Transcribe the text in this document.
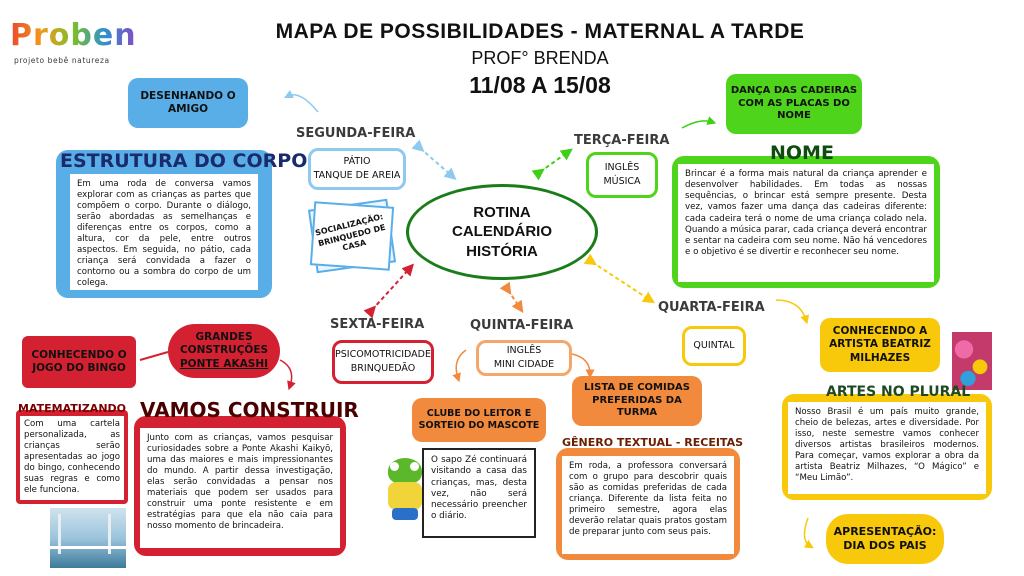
Proben
projeto bebê natureza
MAPA DE POSSIBILIDADES - MATERNAL A TARDE
PROF° BRENDA
11/08 A 15/08
ROTINA
CALENDÁRIO
HISTÓRIA
SEGUNDA-FEIRA
PÁTIO
TANQUE DE AREIA
SOCIALIZAÇÃO: BRINQUEDO DE CASA
DESENHANDO O AMIGO
ESTRUTURA DO CORPO
Em uma roda de conversa vamos explorar com as crianças as partes que compõem o corpo. Durante o diálogo, serão abordadas as semelhanças e diferenças entre os corpos, como a altura, cor da pele, entre outros aspectos. Em seguida, no pátio, cada criança será convidada a fazer o contorno ou a sombra do corpo de um colega.
TERÇA-FEIRA
INGLÊS
MÚSICA
DANÇA DAS CADEIRAS COM AS PLACAS DO NOME
NOME
Brincar é a forma mais natural da criança aprender e desenvolver habilidades. Em todas as nossas sequências, o brincar está sempre presente. Desta vez, vamos fazer uma dança das cadeiras diferente: cada cadeira terá o nome de uma criança colado nela. Quando a música parar, cada criança deverá encontrar e sentar na cadeira com seu nome. Não há vencedores e o objetivo é se divertir e reconhecer seu nome.
QUARTA-FEIRA
QUINTAL
CONHECENDO A ARTISTA BEATRIZ MILHAZES
ARTES NO PLURAL
Nosso Brasil é um país muito grande, cheio de belezas, artes e diversidade. Por isso, neste semestre vamos conhecer diversos artistas brasileiros modernos. Para começar, vamos explorar a obra da artista Beatriz Milhazes, “O Mágico” e “Meu Limão”.
APRESENTAÇÃO: DIA DOS PAIS
QUINTA-FEIRA
INGLÊS
MINI CIDADE
CLUBE DO LEITOR E SORTEIO DO MASCOTE
O sapo Zé continuará visitando a casa das crianças, mas, desta vez, não será necessário preencher o diário.
LISTA DE COMIDAS PREFERIDAS DA TURMA
GÊNERO TEXTUAL - RECEITAS
Em roda, a professora conversará com o grupo para descobrir quais são as comidas preferidas de cada criança. Diferente da lista feita no primeiro semestre, agora elas deverão relatar quais pratos gostam de preparar junto com seus pais.
SEXTA-FEIRA
PSICOMOTRICIDADE
BRINQUEDÃO
CONHECENDO O JOGO DO BINGO
MATEMATIZANDO
Com uma cartela personalizada, as crianças serão apresentadas ao jogo do bingo, conhecendo suas regras e como ele funciona.
GRANDES CONSTRUÇÕES
PONTE AKASHI
VAMOS CONSTRUIR
Junto com as crianças, vamos pesquisar curiosidades sobre a Ponte Akashi Kaikyō, uma das maiores e mais impressionantes do mundo. A partir dessa investigação, elas serão convidadas a pensar nos materiais que podem ser usados para construir uma ponte resistente e em estratégias para que ela não caia para nosso momento de brincadeira.
